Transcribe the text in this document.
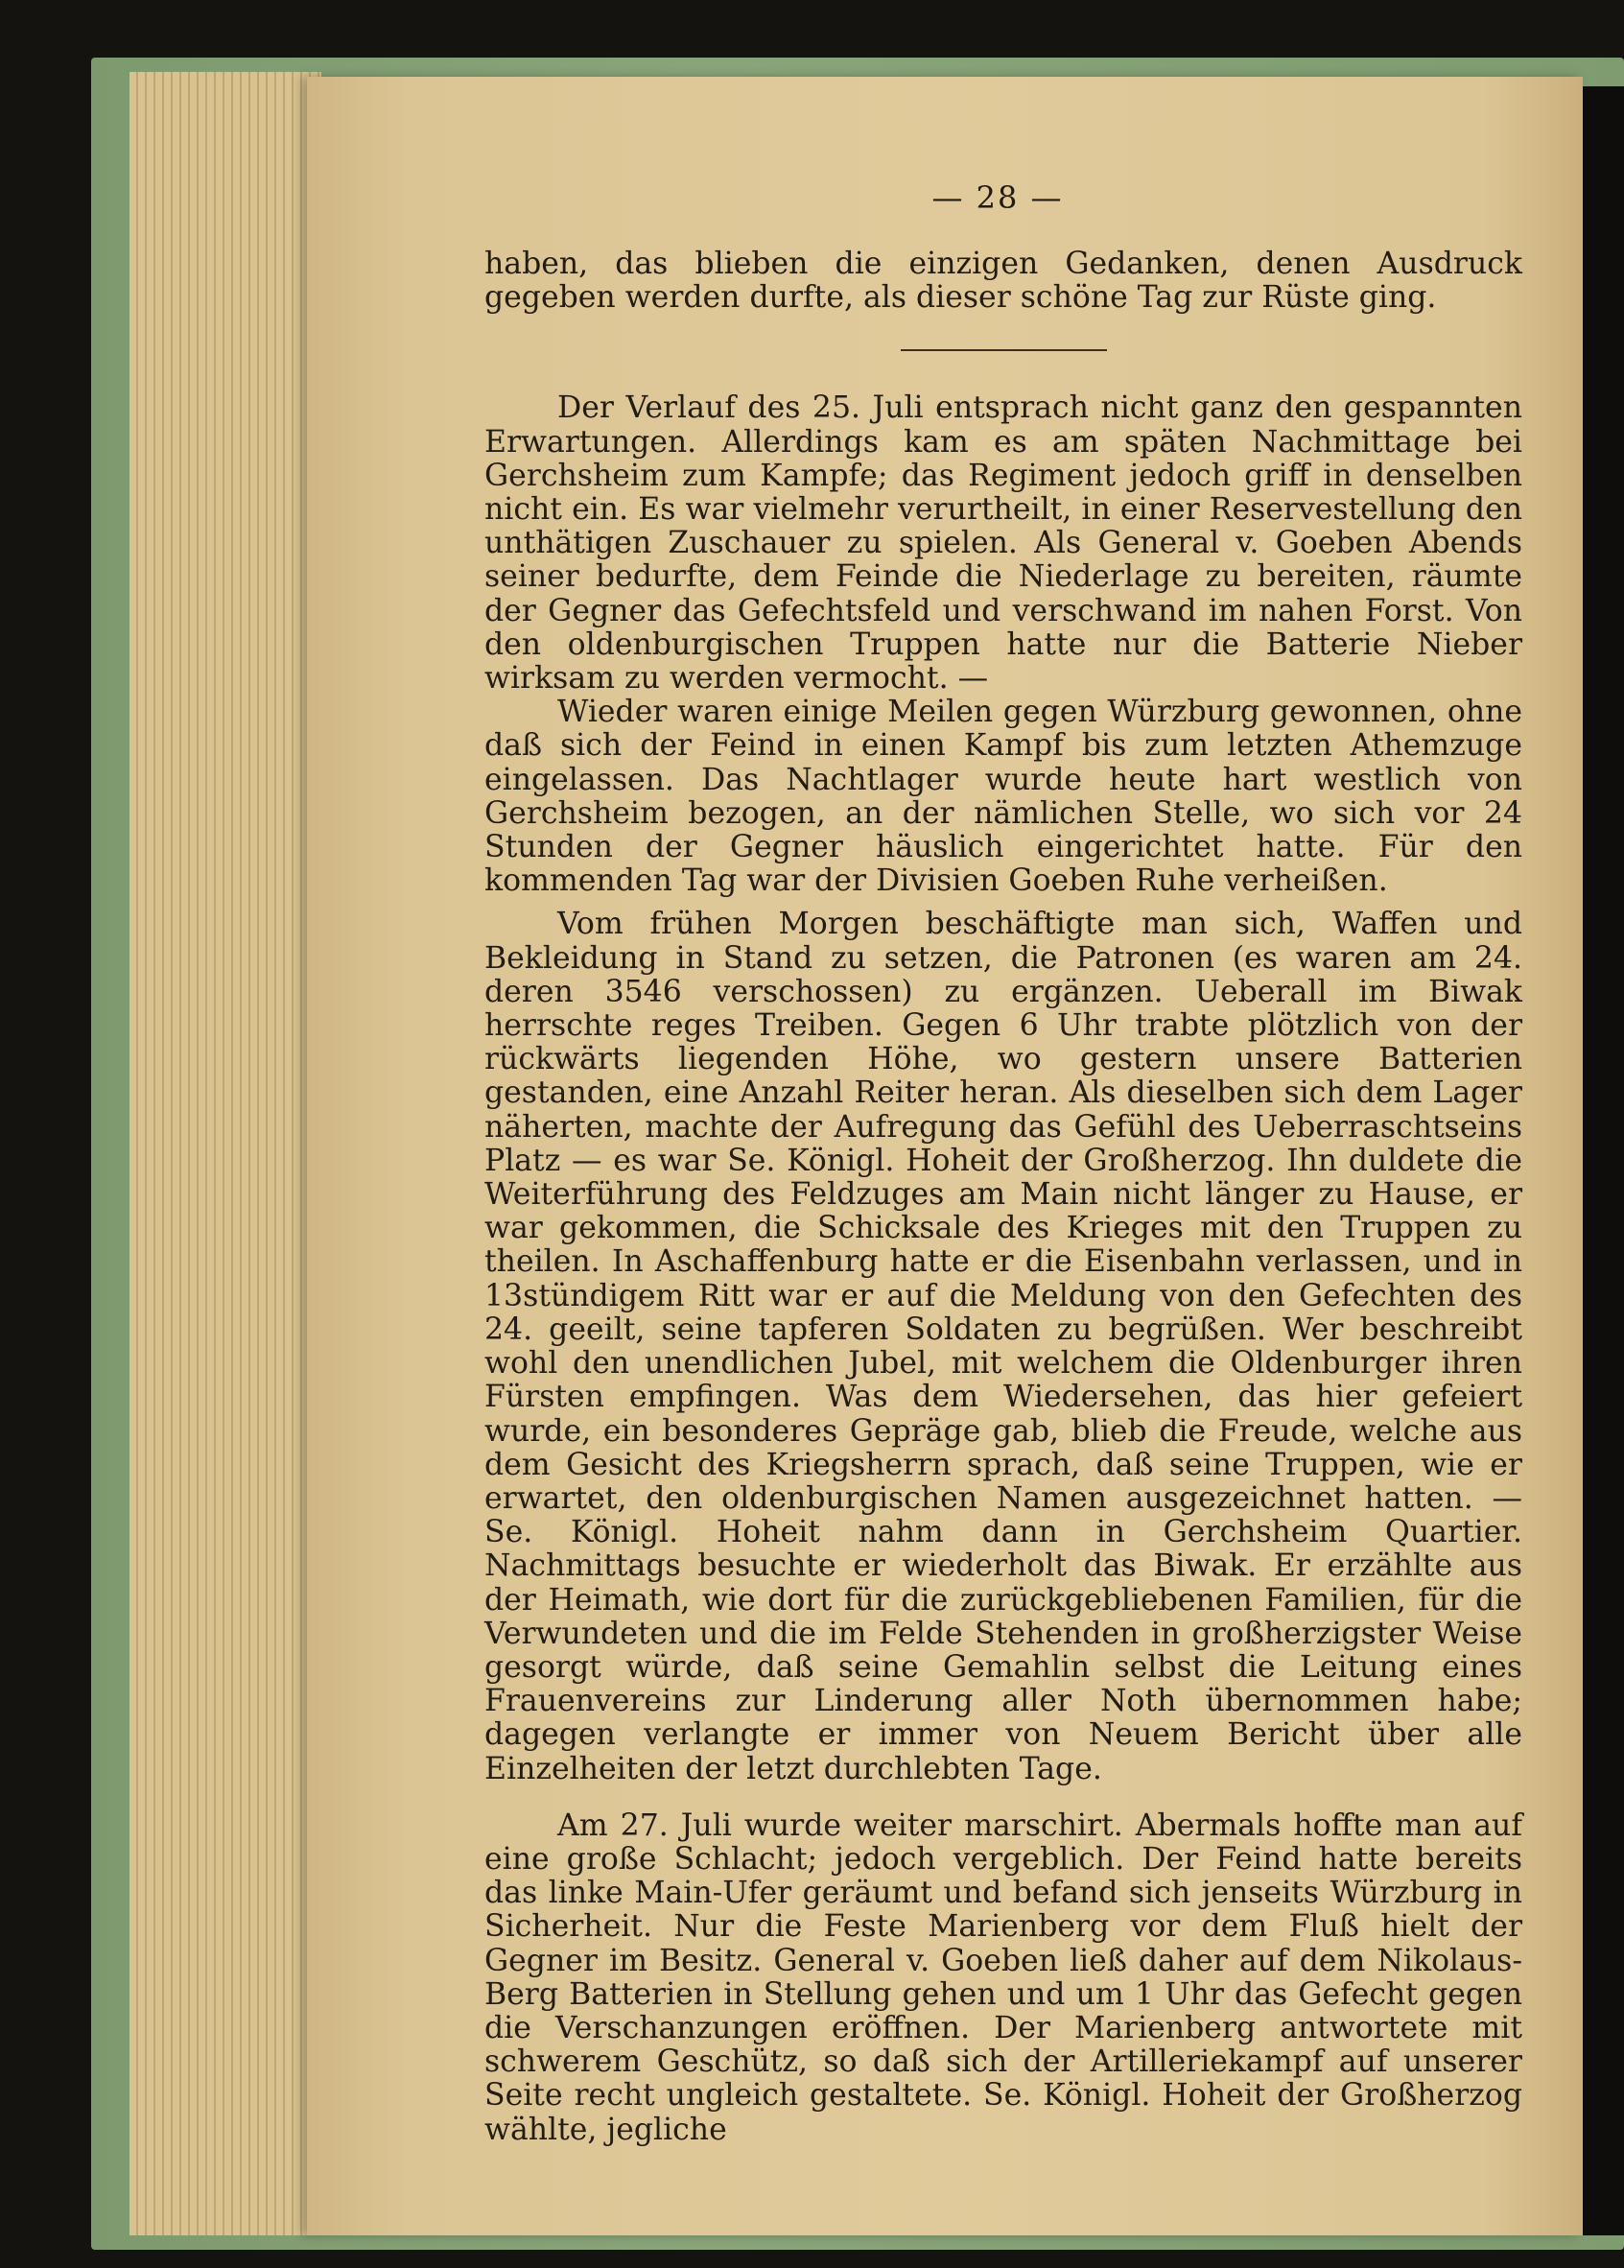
— 28 —

haben, das blieben die einzigen Gedanken, denen Ausdruck gegeben werden durfte, als dieser schöne Tag zur Rüste ging.

Der Verlauf des 25. Juli entsprach nicht ganz den gespannten Erwartungen. Allerdings kam es am späten Nachmittage bei Gerchsheim zum Kampfe; das Regiment jedoch griff in denselben nicht ein. Es war vielmehr verurtheilt, in einer Reservestellung den unthätigen Zuschauer zu spielen. Als General v. Goeben Abends seiner bedurfte, dem Feinde die Niederlage zu bereiten, räumte der Gegner das Gefechtsfeld und verschwand im nahen Forst. Von den oldenburgischen Truppen hatte nur die Batterie Nieber wirksam zu werden vermocht. —

Wieder waren einige Meilen gegen Würzburg gewonnen, ohne daß sich der Feind in einen Kampf bis zum letzten Athemzuge eingelassen. Das Nachtlager wurde heute hart westlich von Gerchsheim bezogen, an der nämlichen Stelle, wo sich vor 24 Stunden der Gegner häuslich eingerichtet hatte. Für den kommenden Tag war der Divisien Goeben Ruhe verheißen.

Vom frühen Morgen beschäftigte man sich, Waffen und Bekleidung in Stand zu setzen, die Patronen (es waren am 24. deren 3546 verschossen) zu ergänzen. Ueberall im Biwak herrschte reges Treiben. Gegen 6 Uhr trabte plötzlich von der rückwärts liegenden Höhe, wo gestern unsere Batterien gestanden, eine Anzahl Reiter heran. Als dieselben sich dem Lager näherten, machte der Aufregung das Gefühl des Ueberraschtseins Platz — es war Se. Königl. Hoheit der Großherzog. Ihn duldete die Weiterführung des Feldzuges am Main nicht länger zu Hause, er war gekommen, die Schicksale des Krieges mit den Truppen zu theilen. In Aschaffenburg hatte er die Eisenbahn verlassen, und in 13stündigem Ritt war er auf die Meldung von den Gefechten des 24. geeilt, seine tapferen Soldaten zu begrüßen. Wer beschreibt wohl den unendlichen Jubel, mit welchem die Oldenburger ihren Fürsten empfingen. Was dem Wiedersehen, das hier gefeiert wurde, ein besonderes Gepräge gab, blieb die Freude, welche aus dem Gesicht des Kriegsherrn sprach, daß seine Truppen, wie er erwartet, den oldenburgischen Namen ausgezeichnet hatten. — Se. Königl. Hoheit nahm dann in Gerchsheim Quartier. Nachmittags besuchte er wiederholt das Biwak. Er erzählte aus der Heimath, wie dort für die zurückgebliebenen Familien, für die Verwundeten und die im Felde Stehenden in großherzigster Weise gesorgt würde, daß seine Gemahlin selbst die Leitung eines Frauenvereins zur Linderung aller Noth übernommen habe; dagegen verlangte er immer von Neuem Bericht über alle Einzelheiten der letzt durchlebten Tage.

Am 27. Juli wurde weiter marschirt. Abermals hoffte man auf eine große Schlacht; jedoch vergeblich. Der Feind hatte bereits das linke Main-Ufer geräumt und befand sich jenseits Würzburg in Sicherheit. Nur die Feste Marienberg vor dem Fluß hielt der Gegner im Besitz. General v. Goeben ließ daher auf dem Nikolaus-Berg Batterien in Stellung gehen und um 1 Uhr das Gefecht gegen die Verschanzungen eröffnen. Der Marienberg antwortete mit schwerem Geschütz, so daß sich der Artilleriekampf auf unserer Seite recht ungleich gestaltete. Se. Königl. Hoheit der Großherzog wählte, jegliche
